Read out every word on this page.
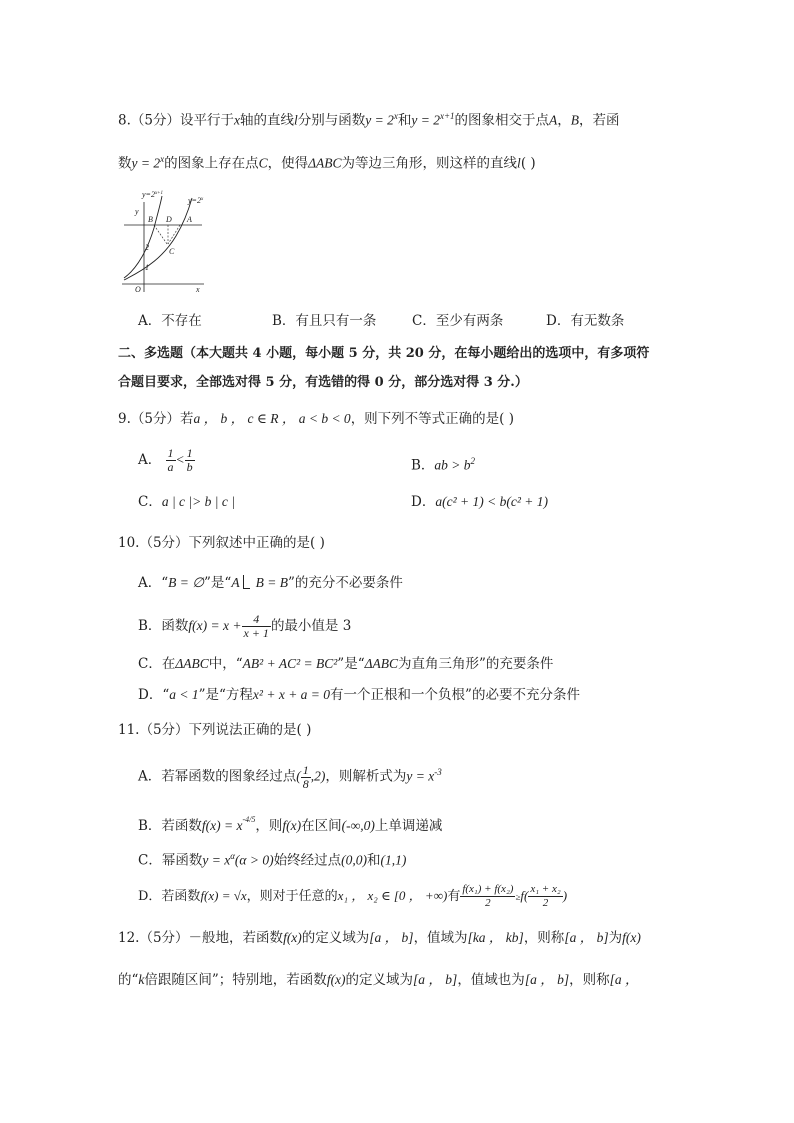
8.（5分）设平行于x轴的直线l分别与函数$y = 2^x$和$y = 2^{x+1}$的图象相交于点A，B，若函
数$y = 2^x$的图象上存在点C，使得ΔABC为等边三角形，则这样的直线l( )
$y=2^{x+1}$
$y=2^x$
y
B D A
C
2
1
O	x
A．不存在	B．有且只有一条	C．至少有两条	D．有无数条
二、多选题（本大题共 4 小题，每小题 5 分，共 20 分，在每小题给出的选项中，有多项符
合题目要求，全部选对得 5 分，有选错的得 0 分，部分选对得 3 分.）
9.（5分）若a ， b ， c ∈ R ， a < b < 0，则下列不等式正确的是( )
A． $\frac{1}{a} < \frac{1}{b}$	B．ab > $b^2$
C．a | c |> b | c |	D．a(c² + 1) < b(c² + 1)
10.（5分）下列叙述中正确的是( )
A．“B = ∅”是“A B = B”的充分不必要条件
B．函数$f(x) = x + \frac{4}{x + 1}$ 的最小值是 3
C．在ΔABC中，“AB² + AC² = BC²”是“ΔABC为直角三角形”的充要条件
D．“a < 1”是“方程x² + x + a = 0有一个正根和一个负根”的必要不充分条件
11.（5分）下列说法正确的是( )
A．若幂函数的图象经过点( $\frac{1}{8} ,2$)，则解析式为$y = x^{-3}$
B．若函数$f(x) = x^{-4/5}$，则f(x)在区间(-∞,0)上单调递减
C．幂函数$y = x^\alpha(\alpha > 0)$始终经过点(0,0)和(1,1)
D．若函数f(x) = √x，则对于任意的x₁ ， x₂ ∈ [0 ， +∞)有 $\frac{\text{f(x₁) + f(x₂)}}{2} \ge f( \frac{\text{x₁ + x₂}}{2}$ )
12.（5分）－般地，若函数f(x)的定义域为[a ， b]，值域为[ka ， kb]，则称[a ， b]为f(x)
的“k倍跟随区间”；特别地，若函数f(x)的定义域为[a ， b]，值域也为[a ， b]，则称[a ，
